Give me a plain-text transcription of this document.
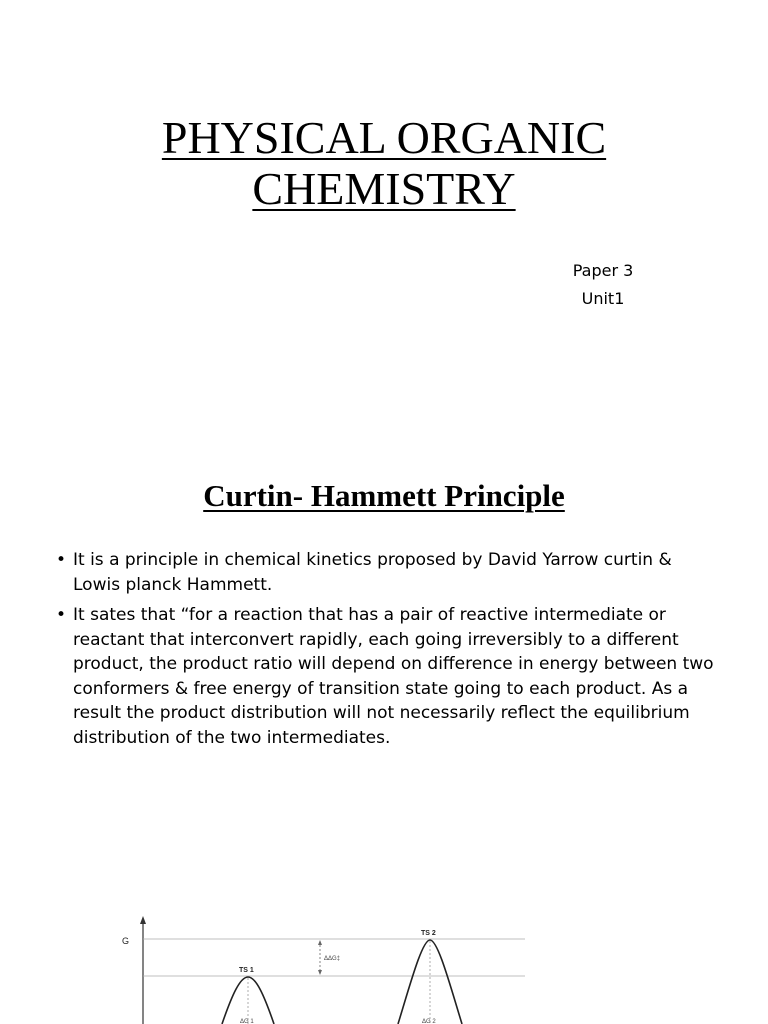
PHYSICAL ORGANIC
CHEMISTRY
Paper 3
Unit1
Curtin- Hammett Principle
• It is a principle in chemical kinetics proposed by David Yarrow curtin & Lowis planck Hammett.
• It sates that “for a reaction that has a pair of reactive intermediate or reactant that interconvert rapidly, each going irreversibly to a different product, the product ratio will depend on difference in energy between two conformers & free energy of transition state going to each product. As a result the product distribution will not necessarily reflect the equilibrium distribution of the two intermediates.
G
ΔΔG‡
TS 1
TS 2
ΔG 1	ΔG 2
